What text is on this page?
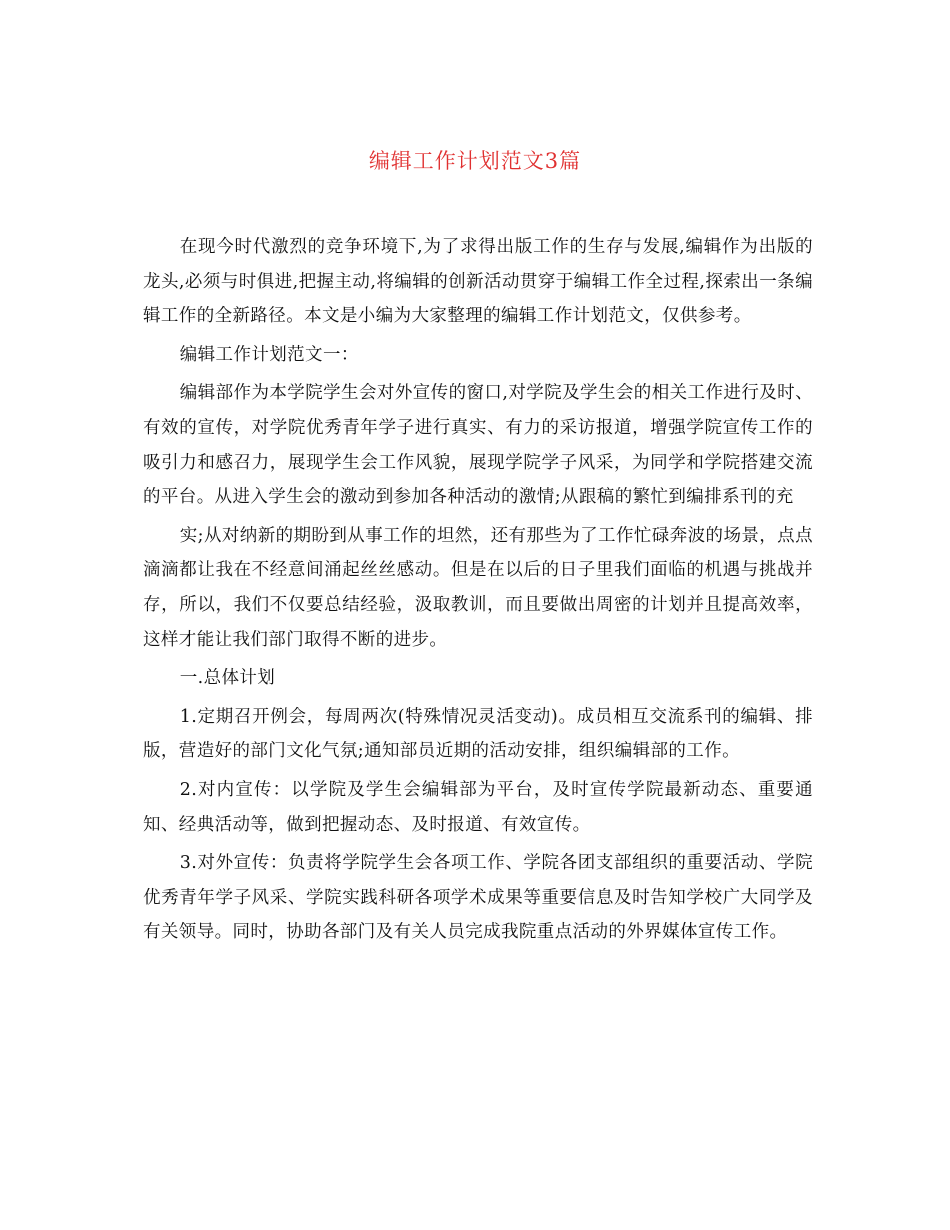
编辑工作计划范文3篇

在现今时代激烈的竞争环境下,为了求得出版工作的生存与发展,编辑作为出版的龙头,必须与时俱进,把握主动,将编辑的创新活动贯穿于编辑工作全过程,探索出一条编辑工作的全新路径。本文是小编为大家整理的编辑工作计划范文，仅供参考。

编辑工作计划范文一：

编辑部作为本学院学生会对外宣传的窗口,对学院及学生会的相关工作进行及时、有效的宣传，对学院优秀青年学子进行真实、有力的采访报道，增强学院宣传工作的吸引力和感召力，展现学生会工作风貌，展现学院学子风采，为同学和学院搭建交流的平台。从进入学生会的激动到参加各种活动的激情;从跟稿的繁忙到编排系刊的充

实;从对纳新的期盼到从事工作的坦然，还有那些为了工作忙碌奔波的场景，点点滴滴都让我在不经意间涌起丝丝感动。但是在以后的日子里我们面临的机遇与挑战并存，所以，我们不仅要总结经验，汲取教训，而且要做出周密的计划并且提高效率，这样才能让我们部门取得不断的进步。

一.总体计划

1.定期召开例会，每周两次(特殊情况灵活变动)。成员相互交流系刊的编辑、排版，营造好的部门文化气氛;通知部员近期的活动安排，组织编辑部的工作。

2.对内宣传：以学院及学生会编辑部为平台，及时宣传学院最新动态、重要通知、经典活动等，做到把握动态、及时报道、有效宣传。

3.对外宣传：负责将学院学生会各项工作、学院各团支部组织的重要活动、学院优秀青年学子风采、学院实践科研各项学术成果等重要信息及时告知学校广大同学及有关领导。同时，协助各部门及有关人员完成我院重点活动的外界媒体宣传工作。
